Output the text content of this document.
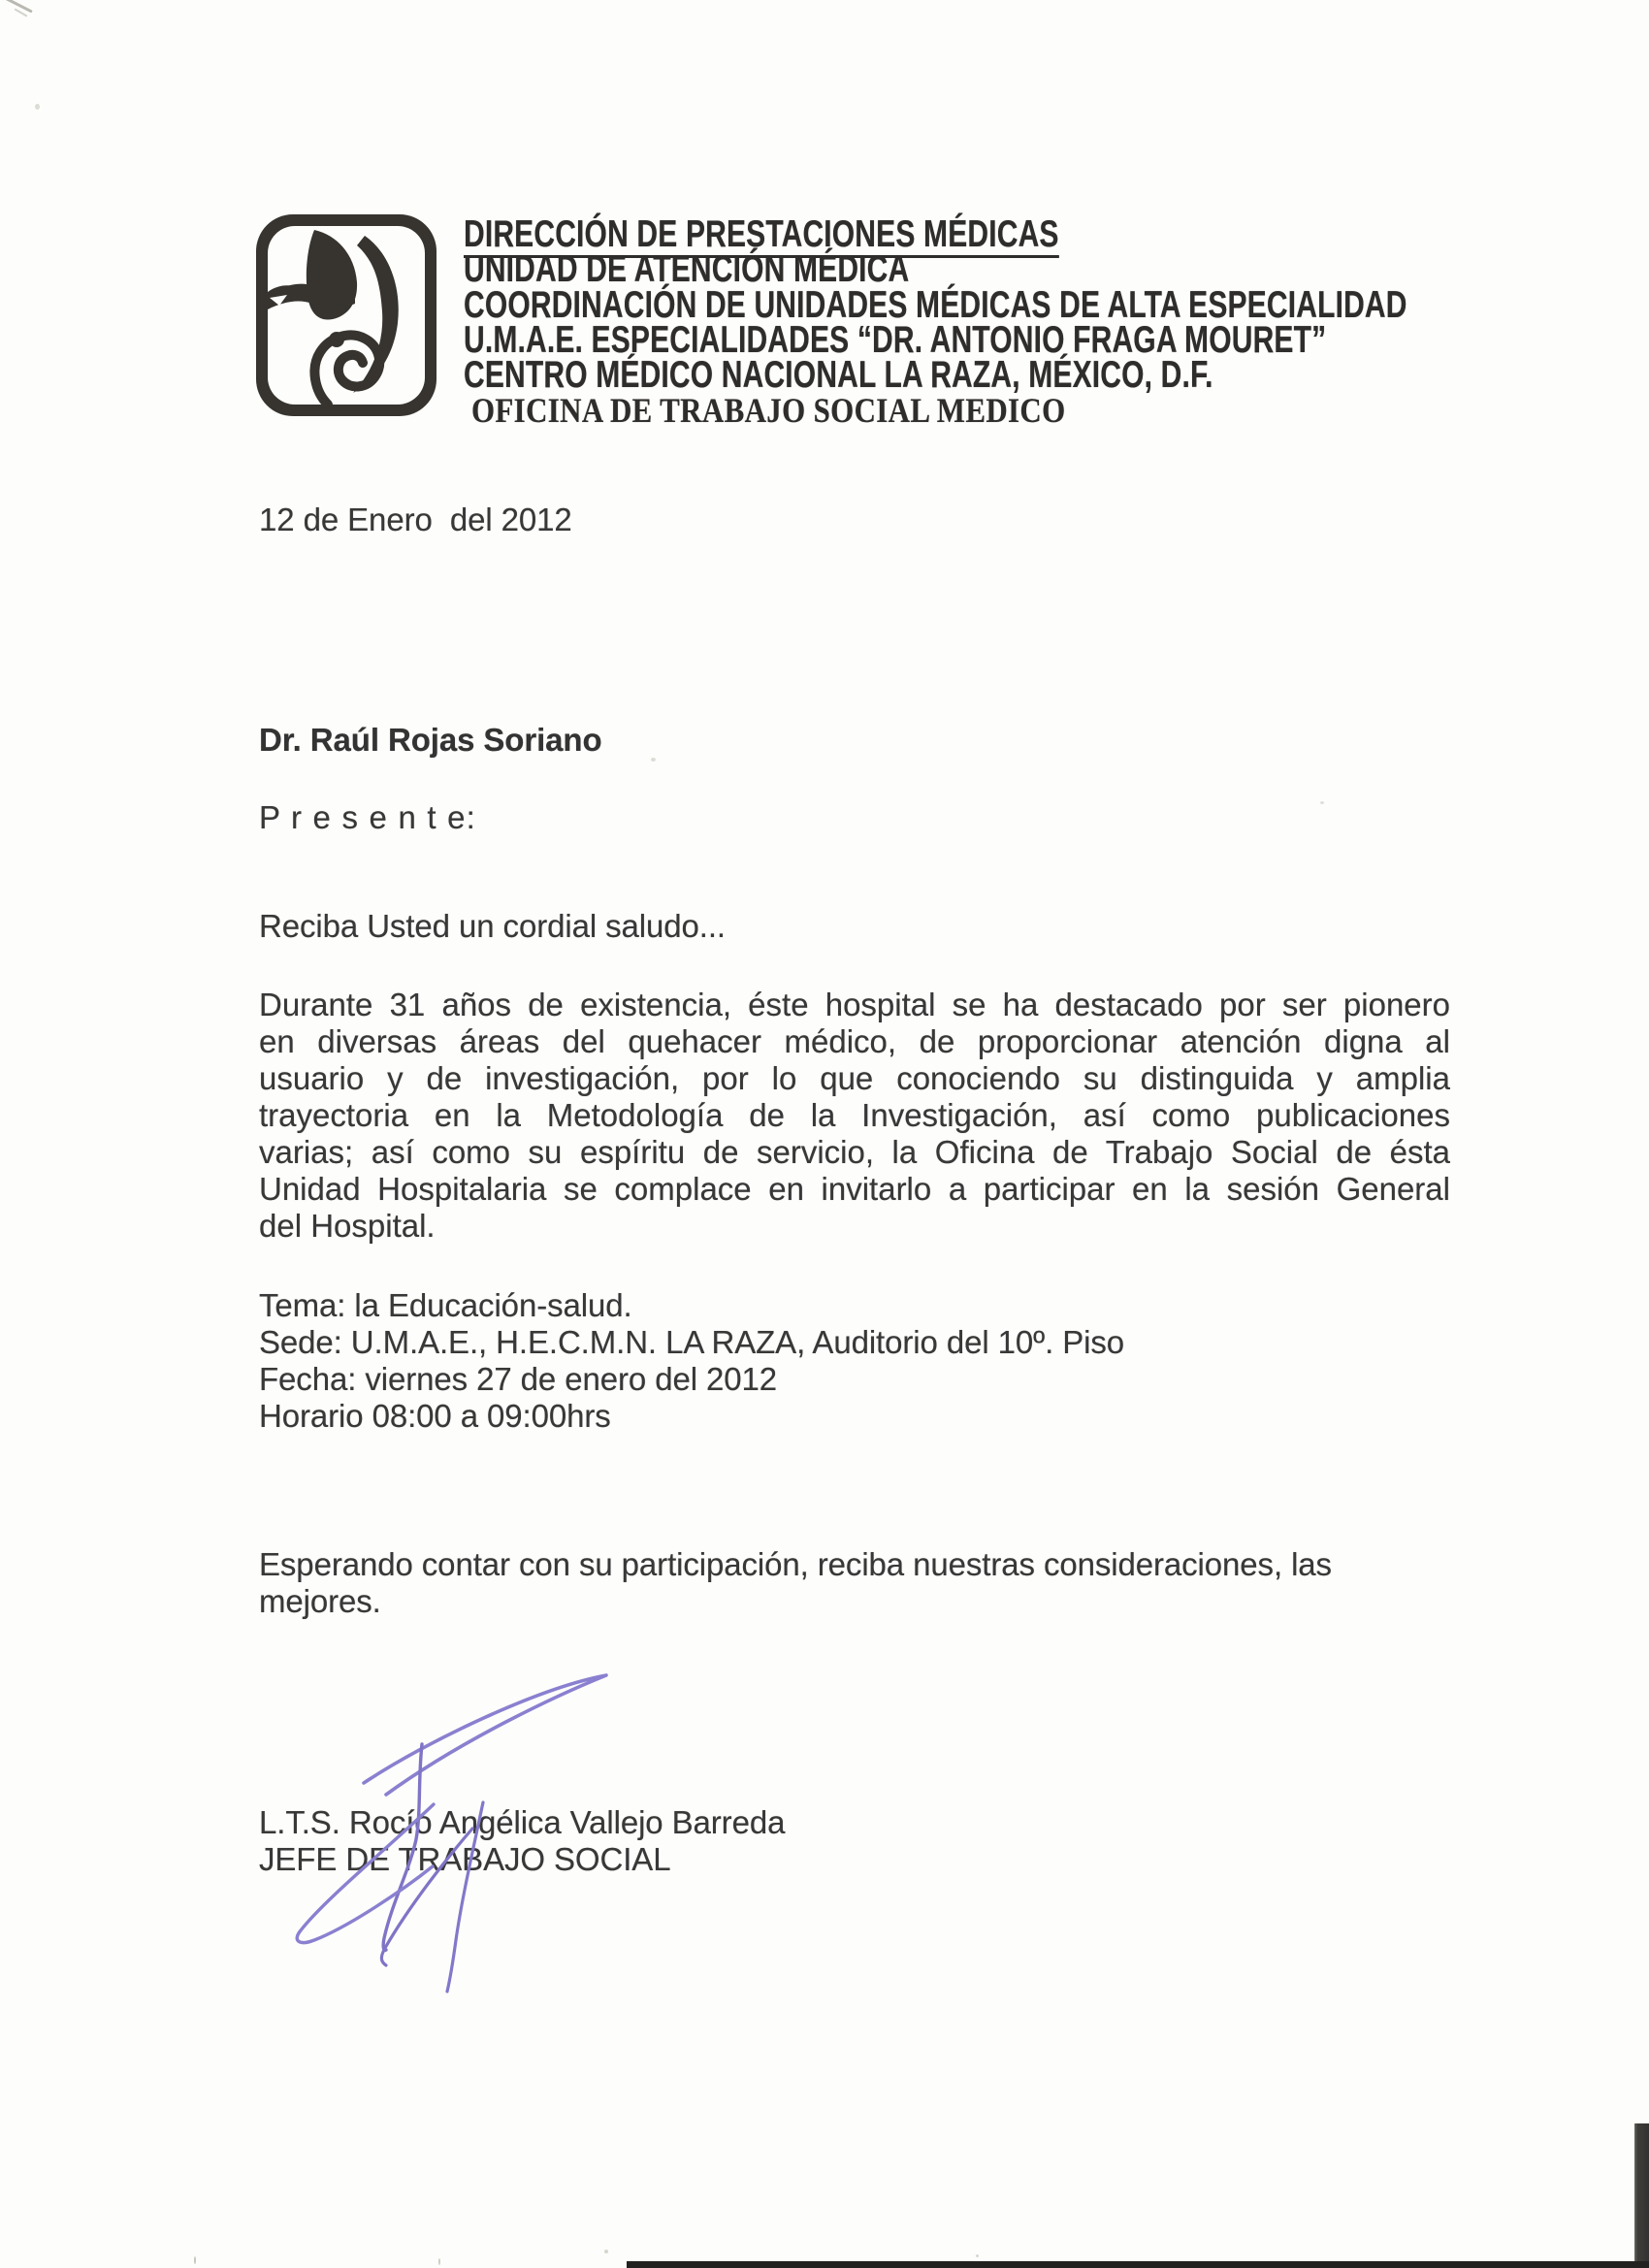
DIRECCIÓN DE PRESTACIONES MÉDICAS
UNIDAD DE ATENCIÓN MÉDICA
COORDINACIÓN DE UNIDADES MÉDICAS DE ALTA ESPECIALIDAD
U.M.A.E. ESPECIALIDADES “DR. ANTONIO FRAGA MOURET”
CENTRO MÉDICO NACIONAL LA RAZA, MÉXICO, D.F.
OFICINA DE TRABAJO SOCIAL MEDICO
12 de Enero  del 2012
Dr. Raúl Rojas Soriano
P r e s e n t e:
Reciba Usted un cordial saludo...
Durante 31 años de existencia, éste hospital se ha destacado por ser pionero
en diversas áreas del quehacer médico, de proporcionar atención digna al
usuario y de investigación, por lo que conociendo su distinguida y amplia
trayectoria en la Metodología de la Investigación, así como publicaciones
varias; así como su espíritu de servicio, la Oficina de Trabajo Social de ésta
Unidad Hospitalaria se complace en invitarlo a participar en la sesión General
del Hospital.
Tema: la Educación-salud.
Sede: U.M.A.E., H.E.C.M.N. LA RAZA, Auditorio del 10º. Piso
Fecha: viernes 27 de enero del 2012
Horario 08:00 a 09:00hrs
Esperando contar con su participación, reciba nuestras consideraciones, las
mejores.
L.T.S. Rocío Angélica Vallejo Barreda
JEFE DE TRABAJO SOCIAL
